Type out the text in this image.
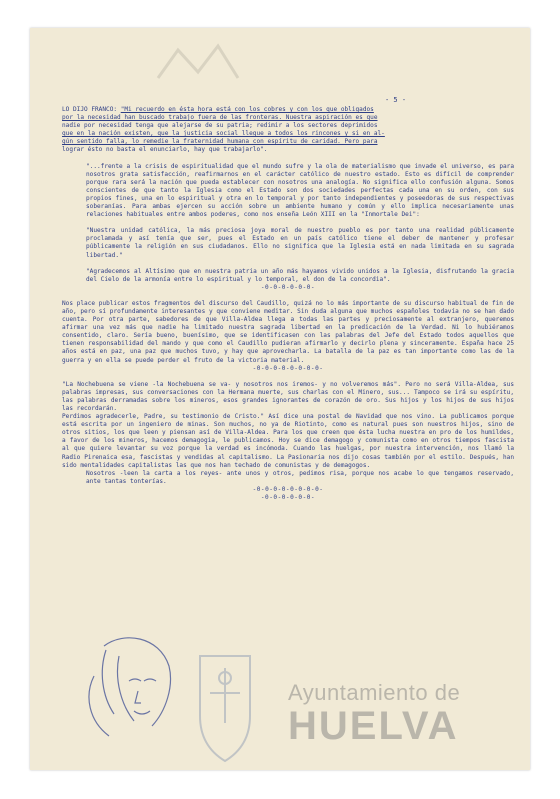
- 5 -

LO DIJO FRANCO: "Mi recuerdo en ésta hora está con los cobres y con los que obligados

por la necesidad han buscado trabajo fuera de las fronteras. Nuestra aspiración es que

nadie por necesidad tenga que alejarse de su patria; redimir a los sectores deprimidos

que en la nación existen, que la justicia social llegue a todos los rincones y si en al-

gún sentido falla, lo remedie la fraternidad humana con espíritu de caridad. Pero para

lograr ésto no basta el enunciarlo, hay que trabajarlo".

"...frente a la crisis de espiritualidad que el mundo sufre y la ola de materialismo que invade el universo, es para nosotros grata satisfacción, reafirmarnos en el carácter católico de nuestro estado. Esto es difícil de comprender porque rara será la nación que pueda establecer con nosotros una analogía. No significa ello confusión alguna. Somos conscientes de que tanto la Iglesia como el Estado son dos sociedades perfectas cada una en su orden, con sus propios fines, una en lo espiritual y otra en lo temporal y por tanto independientes y poseedoras de sus respectivas soberanías. Para ambas ejercen su acción sobre un ambiente humano y común y ello implica necesariamente unas relaciones habituales entre ambos poderes, como nos enseña León XIII en la "Inmortale Dei":

"Nuestra unidad católica, la más preciosa joya moral de nuestro pueblo es por tanto una realidad públicamente proclamada y así tenía que ser, pues el Estado en un país católico tiene el deber de mantener y profesar públicamente la religión en sus ciudadanos. Ello no significa que la Iglesia está en nada limitada en su sagrada libertad."

"Agradecemos al Altísimo que en nuestra patria un año más hayamos vivido unidos a la Iglesia, disfrutando la gracia del Cielo de la armonía entre lo espiritual y lo temporal, el don de la concordia".

-0-0-0-0-0-0-

Nos place publicar estos fragmentos del discurso del Caudillo, quizá no lo más importante de su discurso habitual de fin de año, pero sí profundamente interesantes y que conviene meditar. Sin duda alguna que muchos españoles todavía no se han dado cuenta. Por otra parte, sabedores de que Villa-Aldea llega a todas las partes y preciosamente al extranjero, queremos afirmar una vez más que nadie ha limitado nuestra sagrada libertad en la predicación de la Verdad. Ni lo hubiéramos consentido, claro. Sería bueno, buenísimo, que se identificasen con las palabras del Jefe del Estado todos aquellos que tienen responsabilidad del mando y que como el Caudillo pudieran afirmarlo y decirlo plena y sinceramente. España hace 25 años está en paz, una paz que muchos tuvo, y hay que aprovecharla. La batalla de la paz es tan importante como las de la guerra y en ella se puede perder el fruto de la victoria material.

-0-0-0-0-0-0-0-0-

"La Nochebuena se viene -la Nochebuena se va- y nosotros nos iremos- y no volveremos más". Pero no será Villa-Aldea, sus palabras impresas, sus conversaciones con la Hermana muerte, sus charlas con el Minero, sus... Tampoco se irá su espíritu, las palabras derramadas sobre los mineros, esos grandes ignorantes de corazón de oro. Sus hijos y los hijos de sus hijos las recordarán.

Perdimos agradecerle, Padre, su testimonio de Cristo." Así dice una postal de Navidad que nos vino. La publicamos porque está escrita por un ingeniero de minas. Son muchos, no ya de Riotinto, como es natural pues son nuestros hijos, sino de otros sitios, los que leen y piensan así de Villa-Aldea. Para los que creen que ésta lucha nuestra en pro de los humildes, a favor de los mineros, hacemos demagogia, le publicamos. Hoy se dice demagogo y comunista como en otros tiempos fascista al que quiere levantar su voz porque la verdad es incómoda. Cuando las huelgas, por nuestra intervención, nos llamó la Radio Pirenaica esa, fascistas y vendidas al capitalismo. La Pasionaria nos dijo cosas también por el estilo. Después, han sido mentalidades capitalistas las que nos han techado de comunistas y de demagogos.

Nosotros -leen la carta a los reyes- ante unos y otros, pedimos risa, porque nos acabe lo que tengamos reservado, ante tantas tonterías.

-0-0-0-0-0-0-0-0-

-0-0-0-0-0-0-

Ayuntamiento de
HUELVA
